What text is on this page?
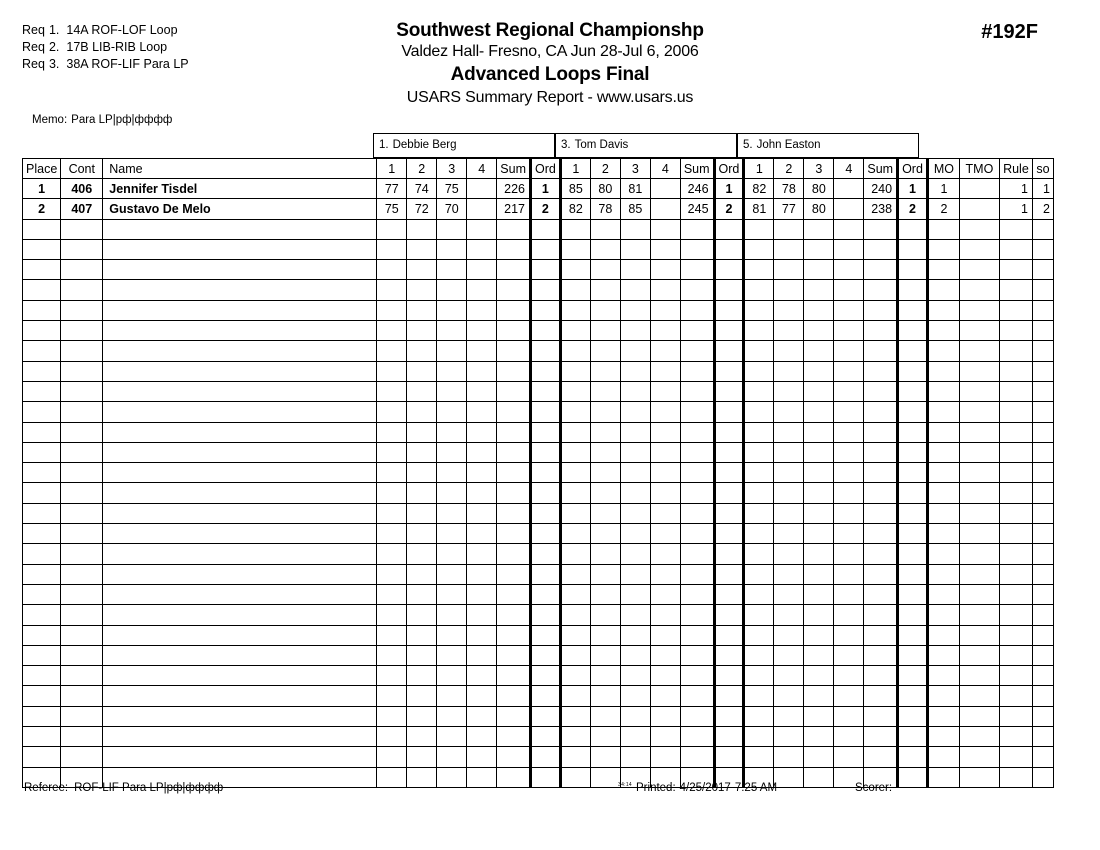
Req 1. 14A ROF-LOF Loop
Req 2. 17B LIB-RIB Loop
Req 3. 38A ROF-LIF Para LP
Memo: Para LP|pф|фффф
Southwest Regional Championshp
Valdez Hall- Fresno, CA Jun 28-Jul 6, 2006
Advanced Loops Final
USARS Summary Report - www.usars.us
#192F
1. Debbie Berg	3. Tom Davis	5. John Easton
Place	Cont	Name	1	2	3	4	Sum	Ord	1	2	3	4	Sum	Ord	1	2	3	4	Sum	Ord	MO	TMO	Rule	so
1	406	Jennifer Tisdel	77	74	75		226	1	85	80	81		246	1	82	78	80		240	1	1		1	1
2	407	Gustavo De Melo	75	72	70		217	2	82	78	85		245	2	81	77	80		238	2	2		1	2

Referee: ROF-LIF Para LP|pф|фффф	$^{34:14}$ Printed: 4/25/2017 7:25 AM	Scorer:
